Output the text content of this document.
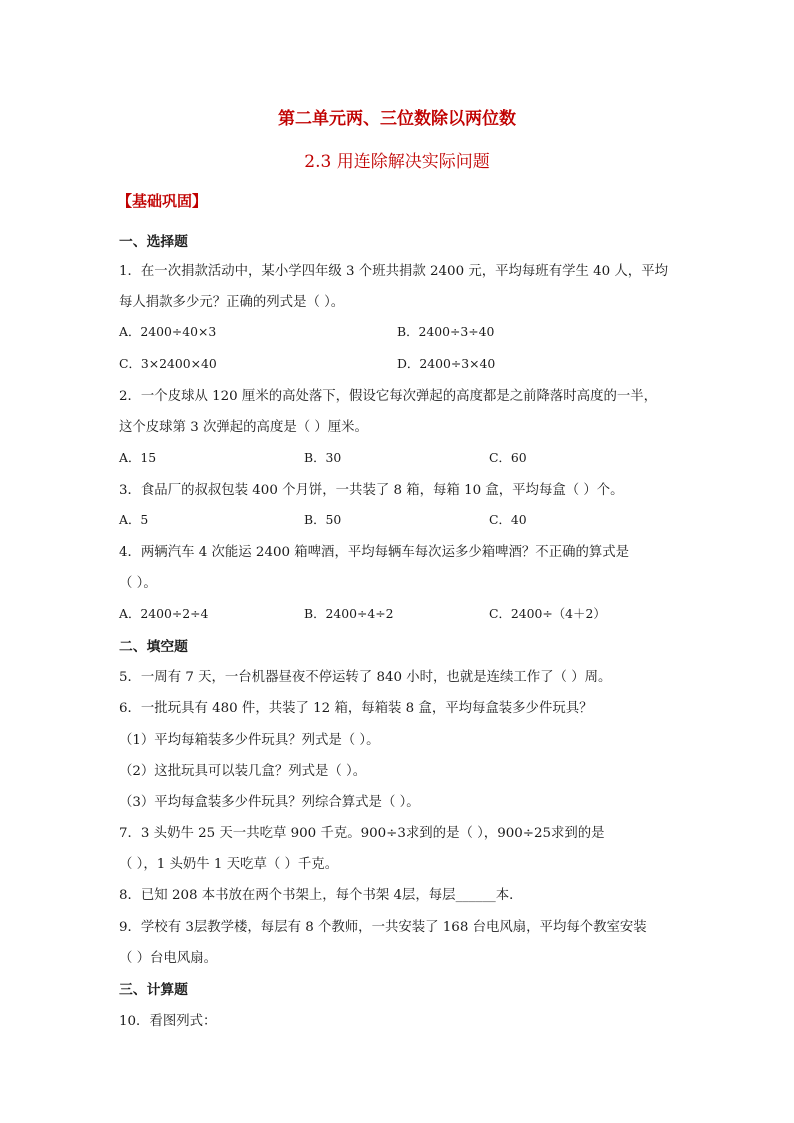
第二单元两、三位数除以两位数
2.3 用连除解决实际问题
【基础巩固】
一、选择题
1．在一次捐款活动中，某小学四年级 3 个班共捐款 2400 元，平均每班有学生 40 人，平均
每人捐款多少元？正确的列式是（ ）。
A．2400÷40×3	B．2400÷3÷40
C．3×2400×40	D．2400÷3×40
2．一个皮球从 120 厘米的高处落下，假设它每次弹起的高度都是之前降落时高度的一半，
这个皮球第 3 次弹起的高度是（ ）厘米。
A．15	B．30	C．60
3．食品厂的叔叔包装 400 个月饼，一共装了 8 箱，每箱 10 盒，平均每盒（ ）个。
A．5	B．50	C．40
4．两辆汽车 4 次能运 2400 箱啤酒，平均每辆车每次运多少箱啤酒？不正确的算式是
（ ）。
A．2400÷2÷4	B．2400÷4÷2	C．2400÷（4＋2）
二、填空题
5．一周有 7 天，一台机器昼夜不停运转了 840 小时，也就是连续工作了（ ）周。
6．一批玩具有 480 件，共装了 12 箱，每箱装 8 盒，平均每盒装多少件玩具？
（1）平均每箱装多少件玩具？列式是（ ）。
（2）这批玩具可以装几盒？列式是（ ）。
（3）平均每盒装多少件玩具？列综合算式是（ ）。
7．3 头奶牛 25 天一共吃草 900 千克。900÷3求到的是（ ），900÷25求到的是
（ ），1 头奶牛 1 天吃草（ ）千克。
8．已知 208 本书放在两个书架上，每个书架 4层，每层______本．
9．学校有 3层教学楼，每层有 8 个教师，一共安装了 168 台电风扇，平均每个教室安装
（ ）台电风扇。
三、计算题
10．看图列式：
